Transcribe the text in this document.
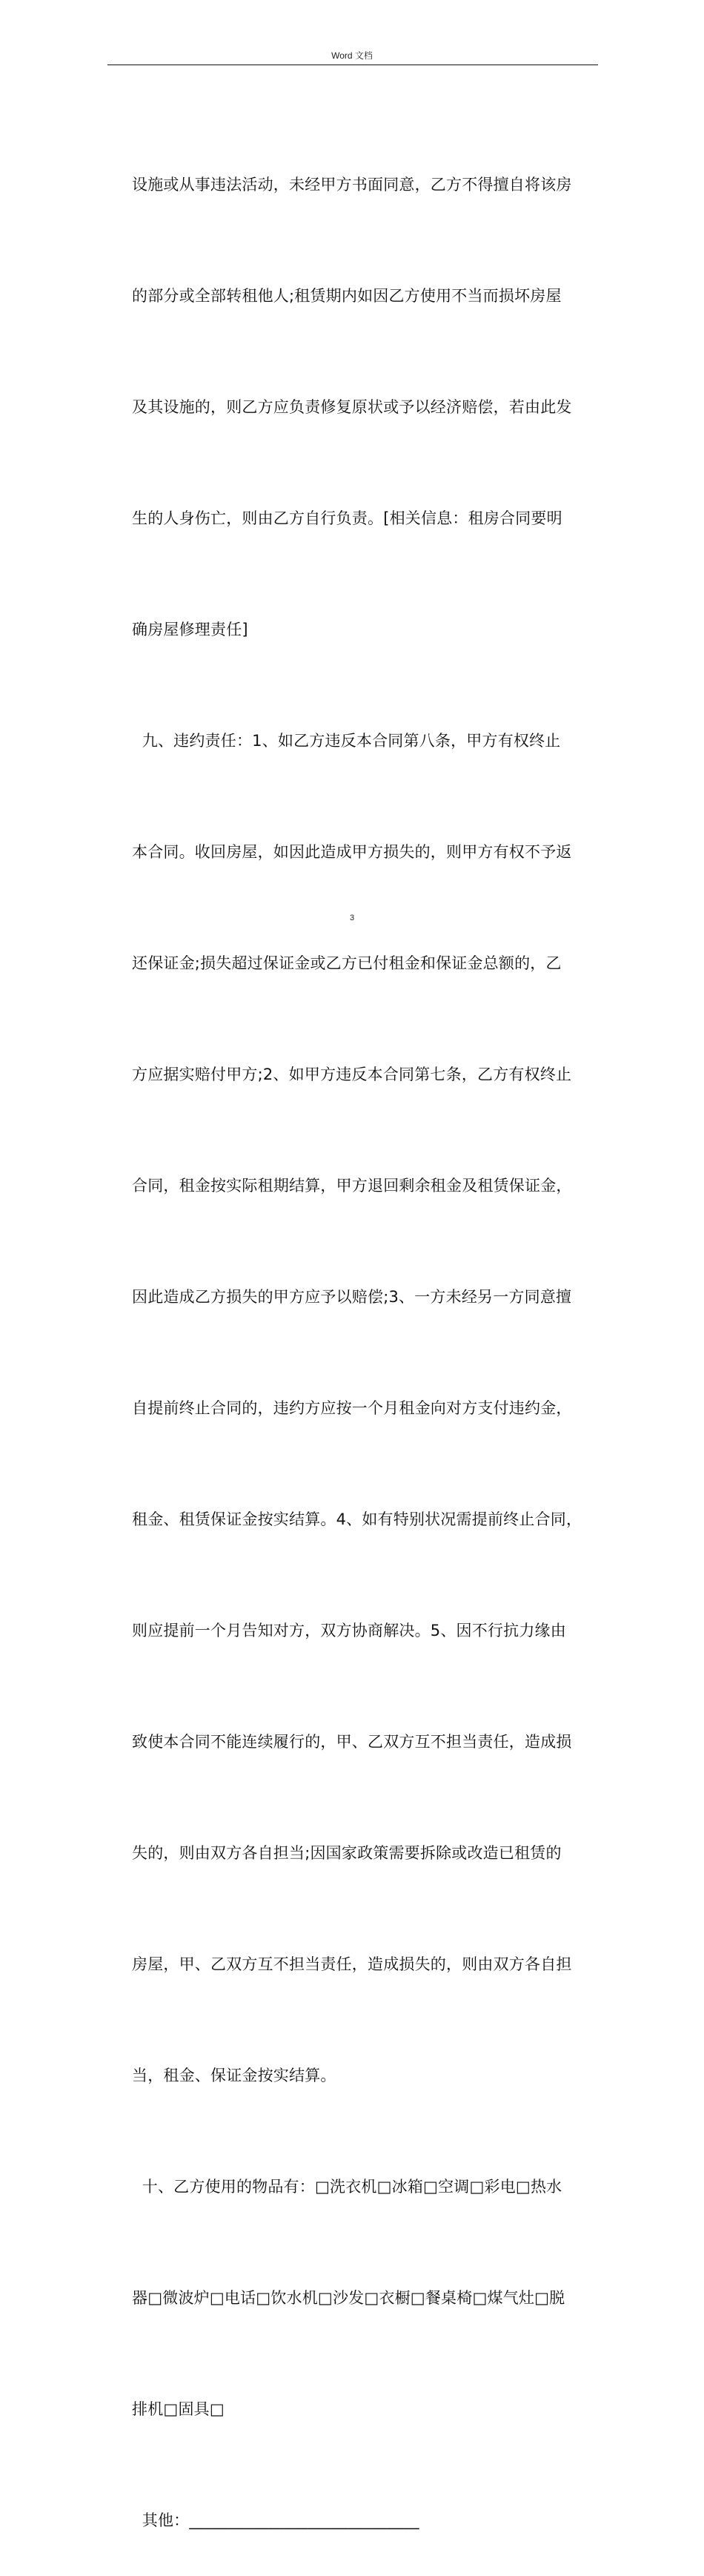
Word 文档

设施或从事违法活动，未经甲方书面同意，乙方不得擅自将该房

的部分或全部转租他人;租赁期内如因乙方使用不当而损坏房屋

及其设施的，则乙方应负责修复原状或予以经济赔偿，若由此发

生的人身伤亡，则由乙方自行负责。[相关信息：租房合同要明

确房屋修理责任]

九、违约责任：1、如乙方违反本合同第八条，甲方有权终止

本合同。收回房屋，如因此造成甲方损失的，则甲方有权不予返

还保证金;损失超过保证金或乙方已付租金和保证金总额的，乙

方应据实赔付甲方;2、如甲方违反本合同第七条，乙方有权终止

合同，租金按实际租期结算，甲方退回剩余租金及租赁保证金，

因此造成乙方损失的甲方应予以赔偿;3、一方未经另一方同意擅

自提前终止合同的，违约方应按一个月租金向对方支付违约金，

租金、租赁保证金按实结算。4、如有特别状况需提前终止合同，

则应提前一个月告知对方，双方协商解决。5、因不行抗力缘由

致使本合同不能连续履行的，甲、乙双方互不担当责任，造成损

失的，则由双方各自担当;因国家政策需要拆除或改造已租赁的

房屋，甲、乙双方互不担当责任，造成损失的，则由双方各自担

当，租金、保证金按实结算。

十、乙方使用的物品有：□洗衣机□冰箱□空调□彩电□热水

器□微波炉□电话□饮水机□沙发□衣橱□餐桌椅□煤气灶□脱

排机□固具□

其他：_____________________________

3
